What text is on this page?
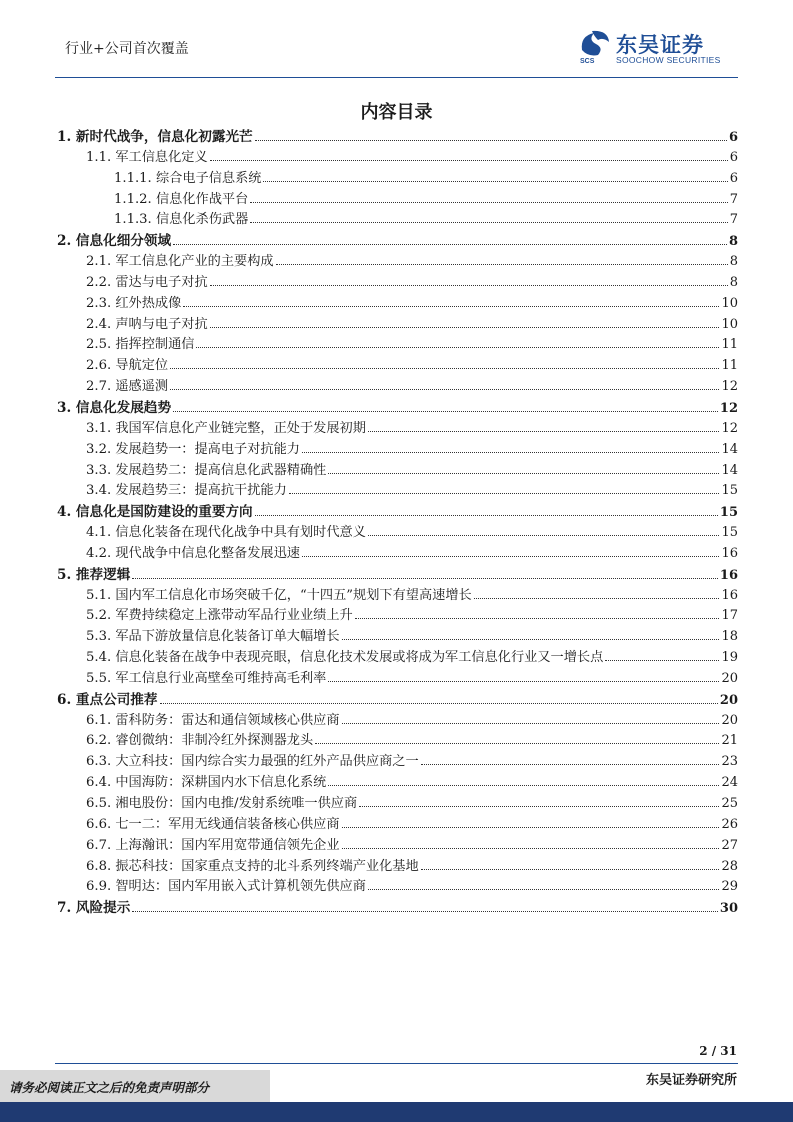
行业+公司首次覆盖
SCS
东吴证券
SOOCHOW SECURITIES
内容目录
1. 新时代战争，信息化初露光芒	6
1.1. 军工信息化定义	6
1.1.1. 综合电子信息系统	6
1.1.2. 信息化作战平台	7
1.1.3. 信息化杀伤武器	7
2. 信息化细分领域	8
2.1. 军工信息化产业的主要构成	8
2.2. 雷达与电子对抗	8
2.3. 红外热成像	10
2.4. 声呐与电子对抗	10
2.5. 指挥控制通信	11
2.6. 导航定位	11
2.7. 遥感遥测	12
3. 信息化发展趋势	12
3.1. 我国军信息化产业链完整，正处于发展初期	12
3.2. 发展趋势一：提高电子对抗能力	14
3.3. 发展趋势二：提高信息化武器精确性	14
3.4. 发展趋势三：提高抗干扰能力	15
4. 信息化是国防建设的重要方向	15
4.1. 信息化装备在现代化战争中具有划时代意义	15
4.2. 现代战争中信息化整备发展迅速	16
5. 推荐逻辑	16
5.1. 国内军工信息化市场突破千亿，“十四五”规划下有望高速增长	16
5.2. 军费持续稳定上涨带动军品行业业绩上升	17
5.3. 军品下游放量信息化装备订单大幅增长	18
5.4. 信息化装备在战争中表现亮眼，信息化技术发展或将成为军工信息化行业又一增长点	19
5.5. 军工信息行业高壁垒可维持高毛利率	20
6. 重点公司推荐	20
6.1. 雷科防务：雷达和通信领域核心供应商	20
6.2. 睿创微纳：非制冷红外探测器龙头	21
6.3. 大立科技：国内综合实力最强的红外产品供应商之一	23
6.4. 中国海防：深耕国内水下信息化系统	24
6.5. 湘电股份：国内电推/发射系统唯一供应商	25
6.6. 七一二：军用无线通信装备核心供应商	26
6.7. 上海瀚讯：国内军用宽带通信领先企业	27
6.8. 振芯科技：国家重点支持的北斗系列终端产业化基地	28
6.9. 智明达：国内军用嵌入式计算机领先供应商	29
7. 风险提示	30
2 / 31
请务必阅读正文之后的免责声明部分	东吴证券研究所
